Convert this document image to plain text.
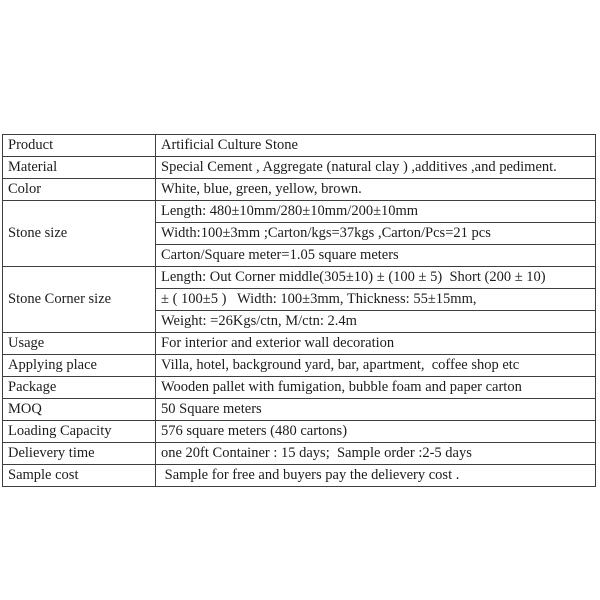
Product	Artificial Culture Stone
Material	Special Cement , Aggregate (natural clay ) ,additives ,and pediment.
Color	White, blue, green, yellow, brown.
Stone size	Length: 480±10mm/280±10mm/200±10mm
	Width:100±3mm ;Carton/kgs=37kgs ,Carton/Pcs=21 pcs
	Carton/Square meter=1.05 square meters
Stone Corner size	Length: Out Corner middle(305±10) ± (100 ± 5)  Short (200 ± 10)
	± ( 100±5 )   Width: 100±3mm, Thickness: 55±15mm,
	Weight: =26Kgs/ctn, M/ctn: 2.4m
Usage	For interior and exterior wall decoration
Applying place	Villa, hotel, background yard, bar, apartment,  coffee shop etc
Package	Wooden pallet with fumigation, bubble foam and paper carton
MOQ	50 Square meters
Loading Capacity	576 square meters (480 cartons)
Delievery time	one 20ft Container : 15 days;  Sample order :2-5 days
Sample cost	Sample for free and buyers pay the delievery cost .
